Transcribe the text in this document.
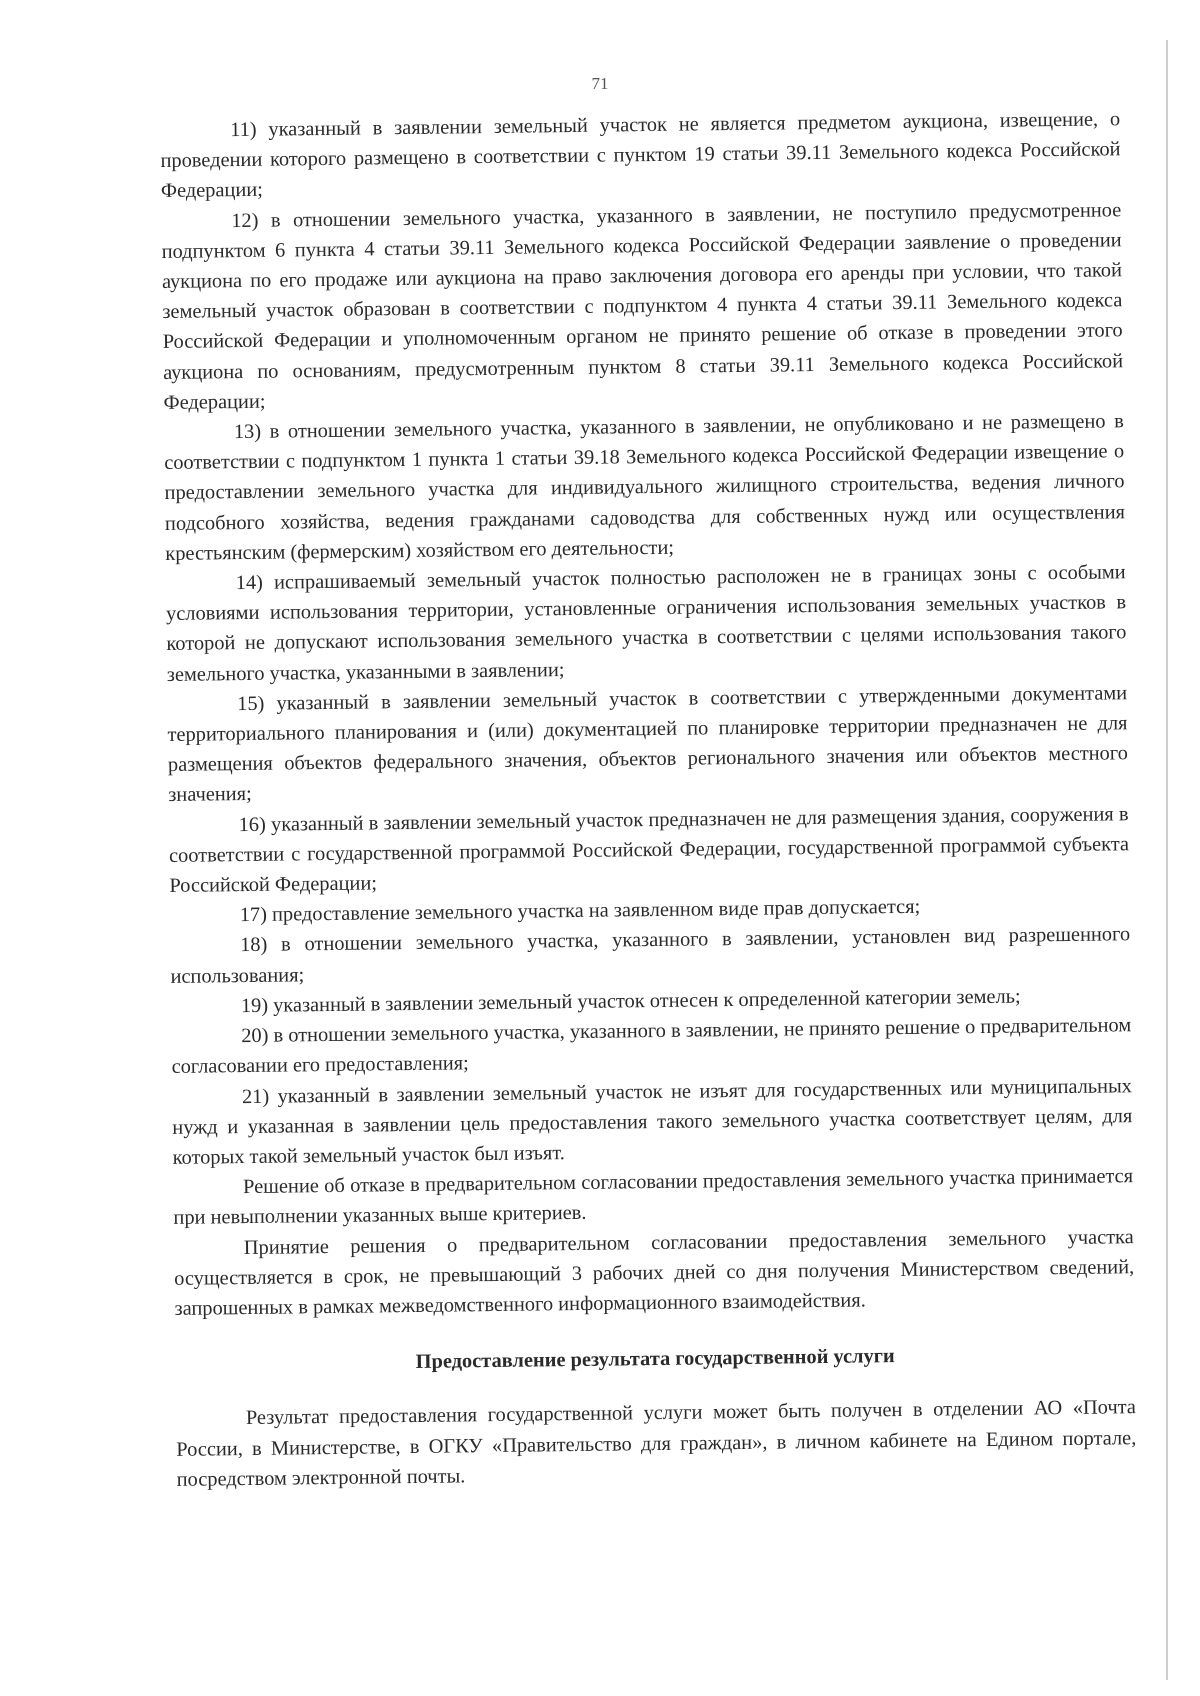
71

11) указанный в заявлении земельный участок не является предметом аукциона, извещение, о проведении которого размещено в соответствии с пунктом 19 статьи 39.11 Земельного кодекса Российской Федерации;

12) в отношении земельного участка, указанного в заявлении, не поступило предусмотренное подпунктом 6 пункта 4 статьи 39.11 Земельного кодекса Российской Федерации заявление о проведении аукциона по его продаже или аукциона на право заключения договора его аренды при условии, что такой земельный участок образован в соответствии с подпунктом 4 пункта 4 статьи 39.11 Земельного кодекса Российской Федерации и уполномоченным органом не принято решение об отказе в проведении этого аукциона по основаниям, предусмотренным пунктом 8 статьи 39.11 Земельного кодекса Российской Федерации;

13) в отношении земельного участка, указанного в заявлении, не опубликовано и не размещено в соответствии с подпунктом 1 пункта 1 статьи 39.18 Земельного кодекса Российской Федерации извещение о предоставлении земельного участка для индивидуального жилищного строительства, ведения личного подсобного хозяйства, ведения гражданами садоводства для собственных нужд или осуществления крестьянским (фермерским) хозяйством его деятельности;

14) испрашиваемый земельный участок полностью расположен не в границах зоны с особыми условиями использования территории, установленные ограничения использования земельных участков в которой не допускают использования земельного участка в соответствии с целями использования такого земельного участка, указанными в заявлении;

15) указанный в заявлении земельный участок в соответствии с утвержденными документами территориального планирования и (или) документацией по планировке территории предназначен не для размещения объектов федерального значения, объектов регионального значения или объектов местного значения;

16) указанный в заявлении земельный участок предназначен не для размещения здания, сооружения в соответствии с государственной программой Российской Федерации, государственной программой субъекта Российской Федерации;

17) предоставление земельного участка на заявленном виде прав допускается;

18) в отношении земельного участка, указанного в заявлении, установлен вид разрешенного использования;

19) указанный в заявлении земельный участок отнесен к определенной категории земель;

20) в отношении земельного участка, указанного в заявлении, не принято решение о предварительном согласовании его предоставления;

21) указанный в заявлении земельный участок не изъят для государственных или муниципальных нужд и указанная в заявлении цель предоставления такого земельного участка соответствует целям, для которых такой земельный участок был изъят.

Решение об отказе в предварительном согласовании предоставления земельного участка принимается при невыполнении указанных выше критериев.

Принятие решения о предварительном согласовании предоставления земельного участка осуществляется в срок, не превышающий 3 рабочих дней со дня получения Министерством сведений, запрошенных в рамках межведомственного информационного взаимодействия.

Предоставление результата государственной услуги

Результат предоставления государственной услуги может быть получен в отделении АО «Почта России, в Министерстве, в ОГКУ «Правительство для граждан», в личном кабинете на Едином портале, посредством электронной почты.
